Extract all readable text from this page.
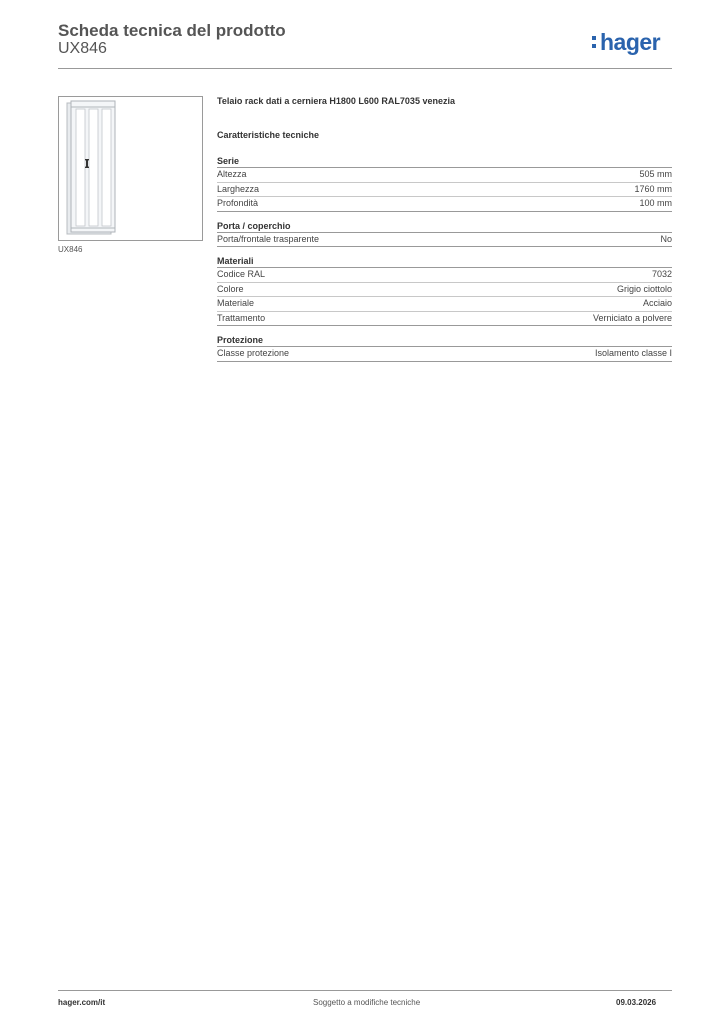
Scheda tecnica del prodotto
UX846	hager
UX846
Telaio rack dati a cerniera H1800 L600 RAL7035 venezia
Caratteristiche tecniche
Serie
Altezza	505 mm
Larghezza	1760 mm
Profondità	100 mm
Porta / coperchio
Porta/frontale trasparente	No
Materiali
Codice RAL	7032
Colore	Grigio ciottolo
Materiale	Acciaio
Trattamento	Verniciato a polvere
Protezione
Classe protezione	Isolamento classe I
hager.com/it	Soggetto a modifiche tecniche	09.03.2026
